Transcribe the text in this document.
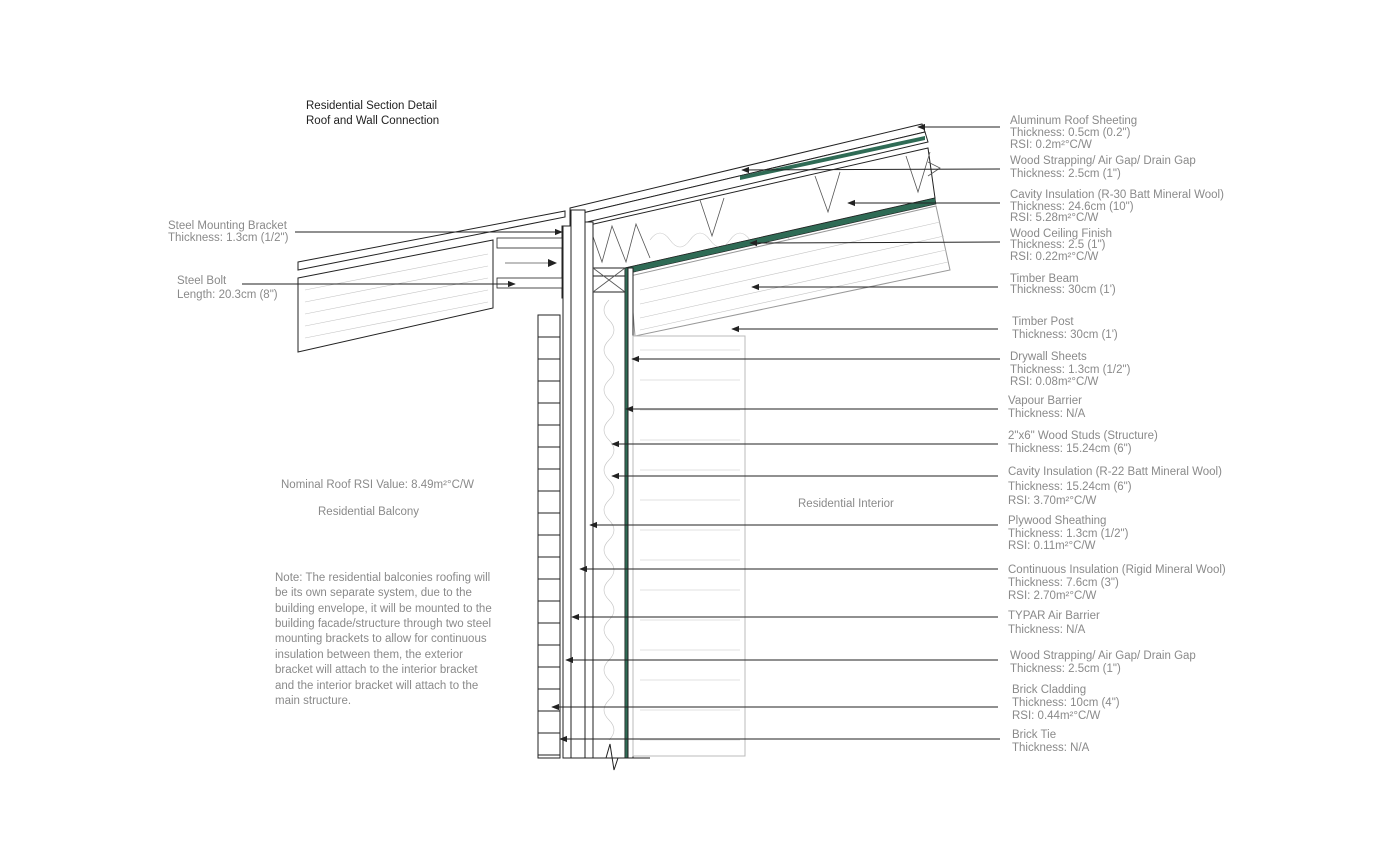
Residential Section Detail
Roof and Wall Connection
Steel Mounting Bracket
Thickness: 1.3cm (1/2")
Steel Bolt
Length: 20.3cm (8")
Aluminum Roof Sheeting
Thickness: 0.5cm (0.2")
RSI: 0.2m²°C/W
Wood Strapping/ Air Gap/ Drain Gap
Thickness: 2.5cm (1")
Cavity Insulation (R-30 Batt Mineral Wool)
Thickness: 24.6cm (10")
RSI: 5.28m²°C/W
Wood Ceiling Finish
Thickness: 2.5 (1")
RSI: 0.22m²°C/W
Timber Beam
Thickness: 30cm (1')
Timber Post
Thickness: 30cm (1')
Drywall Sheets
Thickness: 1.3cm (1/2")
RSI: 0.08m²°C/W
Vapour Barrier
Thickness: N/A
2"x6" Wood Studs (Structure)
Thickness: 15.24cm (6")
Cavity Insulation (R-22 Batt Mineral Wool)
Thickness: 15.24cm (6")
RSI: 3.70m²°C/W
Plywood Sheathing
Thickness: 1.3cm (1/2")
RSI: 0.11m²°C/W
Continuous Insulation (Rigid Mineral Wool)
Thickness: 7.6cm (3")
RSI: 2.70m²°C/W
TYPAR Air Barrier
Thickness: N/A
Wood Strapping/ Air Gap/ Drain Gap
Thickness: 2.5cm (1")
Brick Cladding
Thickness: 10cm (4")
RSI: 0.44m²°C/W
Brick Tie
Thickness: N/A
Nominal Roof RSI Value: 8.49m²°C/W
Residential Balcony
Residential Interior
Note: The residential balconies roofing will
be its own separate system, due to the
building envelope, it will be mounted to the
building facade/structure through two steel
mounting brackets to allow for continuous
insulation between them, the exterior
bracket will attach to the interior bracket
and the interior bracket will attach to the
main structure.
